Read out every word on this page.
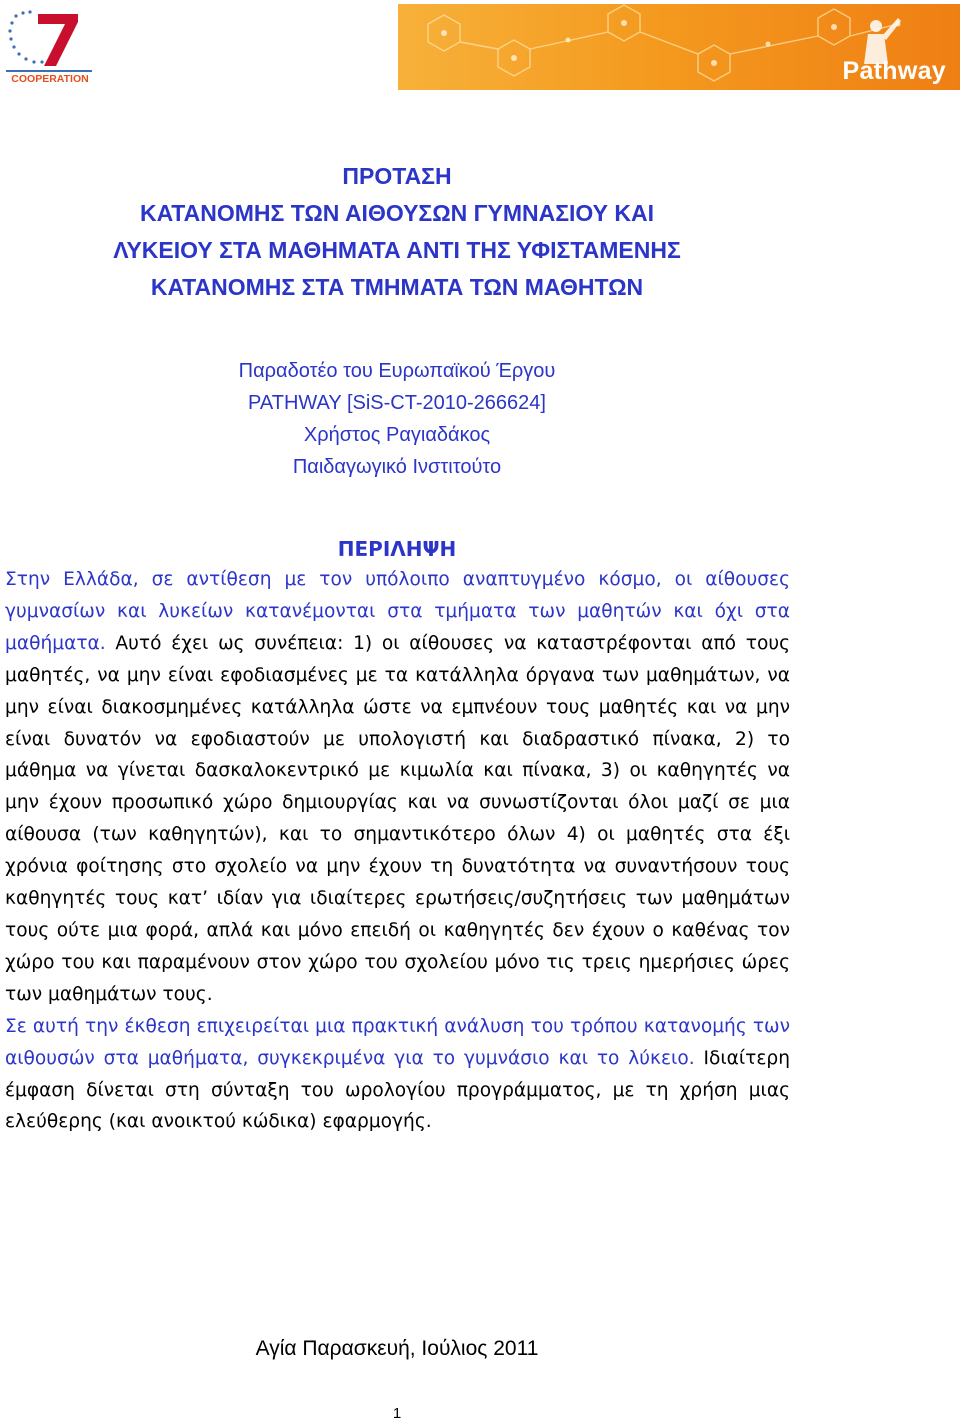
COOPERATION	Pathway
ΠΡΟΤΑΣΗ
ΚΑΤΑΝΟΜΗΣ ΤΩΝ ΑΙΘΟΥΣΩΝ ΓΥΜΝΑΣΙΟΥ ΚΑΙ
ΛΥΚΕΙΟΥ ΣΤΑ ΜΑΘΗΜΑΤΑ ΑΝΤΙ ΤΗΣ ΥΦΙΣΤΑΜΕΝΗΣ
ΚΑΤΑΝΟΜΗΣ ΣΤΑ ΤΜΗΜΑΤΑ ΤΩΝ ΜΑΘΗΤΩΝ
Παραδοτέο του Ευρωπαϊκού Έργου
PATHWAY [SiS-CT-2010-266624]
Χρήστος Ραγιαδάκος
Παιδαγωγικό Ινστιτούτο
ΠΕΡΙΛΗΨΗ

Στην Ελλάδα, σε αντίθεση με τον υπόλοιπο αναπτυγμένο κόσμο, οι αίθουσες γυμνασίων και λυκείων κατανέμονται στα τμήματα των μαθητών και όχι στα μαθήματα. Αυτό έχει ως συνέπεια: 1) οι αίθουσες να καταστρέφονται από τους μαθητές, να μην είναι εφοδιασμένες με τα κατάλληλα όργανα των μαθημάτων, να μην είναι διακοσμημένες κατάλληλα ώστε να εμπνέουν τους μαθητές και να μην είναι δυνατόν να εφοδιαστούν με υπολογιστή και διαδραστικό πίνακα, 2) το μάθημα να γίνεται δασκαλοκεντρικό με κιμωλία και πίνακα, 3) οι καθηγητές να μην έχουν προσωπικό χώρο δημιουργίας και να συνωστίζονται όλοι μαζί σε μια αίθουσα (των καθηγητών), και το σημαντικότερο όλων 4) οι μαθητές στα έξι χρόνια φοίτησης στο σχολείο να μην έχουν τη δυνατότητα να συναντήσουν τους καθηγητές τους κατ’ ιδίαν για ιδιαίτερες ερωτήσεις/συζητήσεις των μαθημάτων τους ούτε μια φορά, απλά και μόνο επειδή οι καθηγητές δεν έχουν ο καθένας τον χώρο του και παραμένουν στον χώρο του σχολείου μόνο τις τρεις ημερήσιες ώρες των μαθημάτων τους.

Σε αυτή την έκθεση επιχειρείται μια πρακτική ανάλυση του τρόπου κατανομής των αιθουσών στα μαθήματα, συγκεκριμένα για το γυμνάσιο και το λύκειο. Ιδιαίτερη έμφαση δίνεται στη σύνταξη του ωρολογίου προγράμματος, με τη χρήση μιας ελεύθερης (και ανοικτού κώδικα) εφαρμογής.

Αγία Παρασκευή, Ιούλιος 2011
1
